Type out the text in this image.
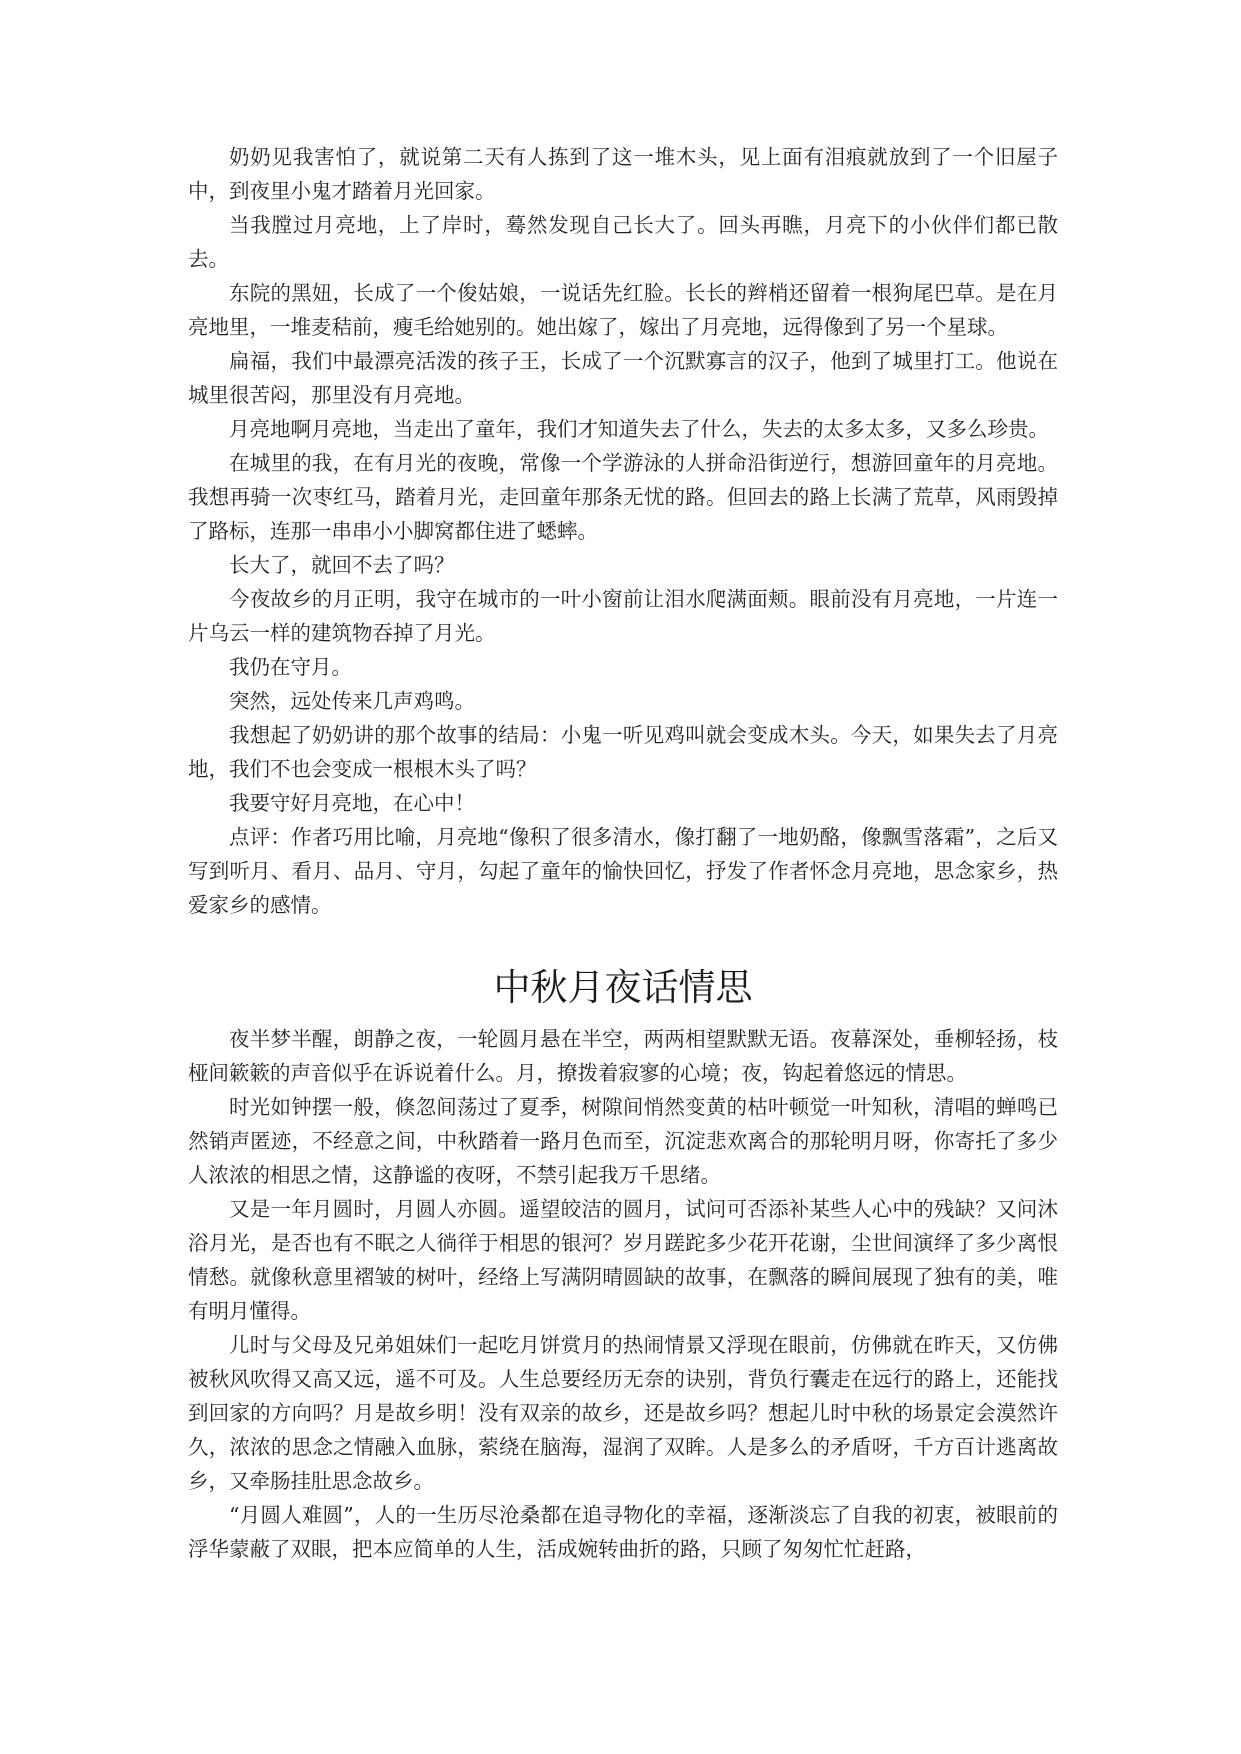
奶奶见我害怕了，就说第二天有人拣到了这一堆木头，见上面有泪痕就放到了一个旧屋子中，到夜里小鬼才踏着月光回家。

当我膛过月亮地，上了岸时，蓦然发现自己长大了。回头再瞧，月亮下的小伙伴们都已散去。

东院的黑妞，长成了一个俊姑娘，一说话先红脸。长长的辫梢还留着一根狗尾巴草。是在月亮地里，一堆麦秸前，瘦毛给她别的。她出嫁了，嫁出了月亮地，远得像到了另一个星球。

扁福，我们中最漂亮活泼的孩子王，长成了一个沉默寡言的汉子，他到了城里打工。他说在城里很苦闷，那里没有月亮地。

月亮地啊月亮地，当走出了童年，我们才知道失去了什么，失去的太多太多，又多么珍贵。

在城里的我，在有月光的夜晚，常像一个学游泳的人拼命沿街逆行，想游回童年的月亮地。我想再骑一次枣红马，踏着月光，走回童年那条无忧的路。但回去的路上长满了荒草，风雨毁掉了路标，连那一串串小小脚窝都住进了蟋蟀。

长大了，就回不去了吗？

今夜故乡的月正明，我守在城市的一叶小窗前让泪水爬满面颊。眼前没有月亮地，一片连一片乌云一样的建筑物吞掉了月光。

我仍在守月。

突然，远处传来几声鸡鸣。

我想起了奶奶讲的那个故事的结局：小鬼一听见鸡叫就会变成木头。今天，如果失去了月亮地，我们不也会变成一根根木头了吗？

我要守好月亮地，在心中！

点评：作者巧用比喻，月亮地“像积了很多清水，像打翻了一地奶酪，像飘雪落霜”，之后又写到听月、看月、品月、守月，勾起了童年的愉快回忆，抒发了作者怀念月亮地，思念家乡，热爱家乡的感情。

中秋月夜话情思

夜半梦半醒，朗静之夜，一轮圆月悬在半空，两两相望默默无语。夜幕深处，垂柳轻扬，枝桠间簌簌的声音似乎在诉说着什么。月，撩拨着寂寥的心境；夜，钩起着悠远的情思。

时光如钟摆一般，倏忽间荡过了夏季，树隙间悄然变黄的枯叶顿觉一叶知秋，清唱的蝉鸣已然销声匿迹，不经意之间，中秋踏着一路月色而至，沉淀悲欢离合的那轮明月呀，你寄托了多少人浓浓的相思之情，这静谧的夜呀，不禁引起我万千思绪。

又是一年月圆时，月圆人亦圆。遥望皎洁的圆月，试问可否添补某些人心中的残缺？又问沐浴月光，是否也有不眠之人徜徉于相思的银河？岁月蹉跎多少花开花谢，尘世间演绎了多少离恨情愁。就像秋意里褶皱的树叶，经络上写满阴晴圆缺的故事，在飘落的瞬间展现了独有的美，唯有明月懂得。

儿时与父母及兄弟姐妹们一起吃月饼赏月的热闹情景又浮现在眼前，仿佛就在昨天，又仿佛被秋风吹得又高又远，遥不可及。人生总要经历无奈的诀别，背负行囊走在远行的路上，还能找到回家的方向吗？月是故乡明！没有双亲的故乡，还是故乡吗？想起儿时中秋的场景定会漠然许久，浓浓的思念之情融入血脉，萦绕在脑海，湿润了双眸。人是多么的矛盾呀，千方百计逃离故乡，又牵肠挂肚思念故乡。

“月圆人难圆”，人的一生历尽沧桑都在追寻物化的幸福，逐渐淡忘了自我的初衷，被眼前的浮华蒙蔽了双眼，把本应简单的人生，活成婉转曲折的路，只顾了匆匆忙忙赶路，
